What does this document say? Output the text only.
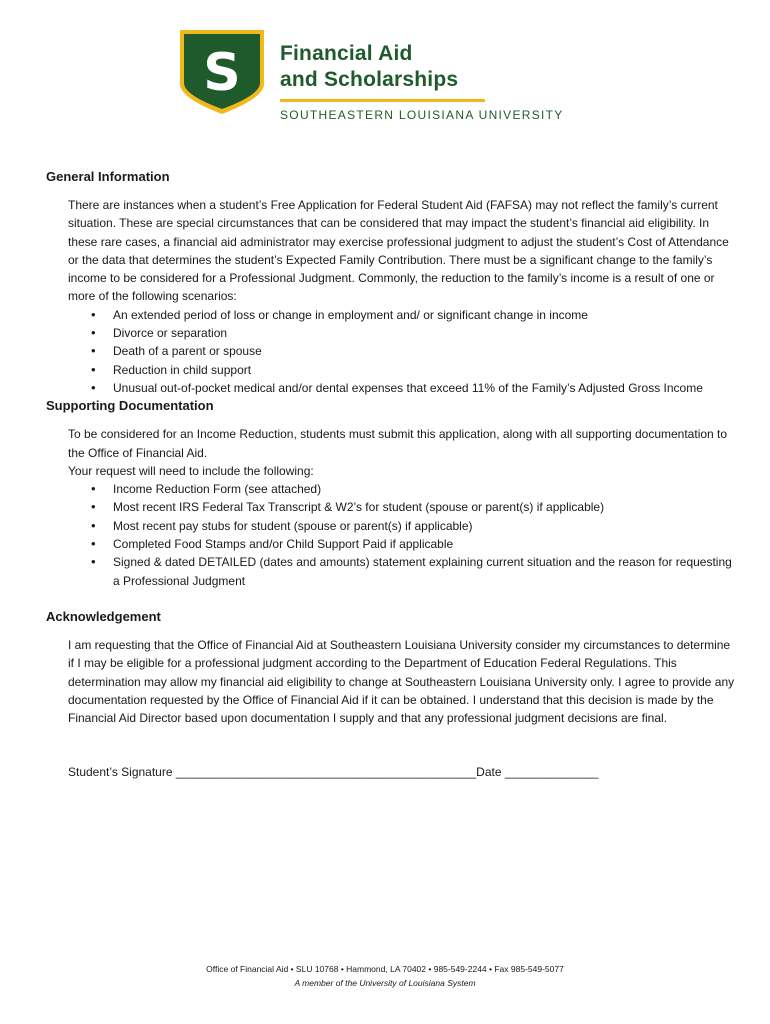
S Financial Aid
and Scholarships
SOUTHEASTERN LOUISIANA UNIVERSITY
General Information

There are instances when a student’s Free Application for Federal Student Aid (FAFSA) may not reflect the family’s current situation. These are special circumstances that can be considered that may impact the student’s financial aid eligibility. In these rare cases, a financial aid administrator may exercise professional judgment to adjust the student’s Cost of Attendance or the data that determines the student’s Expected Family Contribution. There must be a significant change to the family’s income to be considered for a Professional Judgment. Commonly, the reduction to the family’s income is a result of one or more of the following scenarios:

• An extended period of loss or change in employment and/ or significant change in income
• Divorce or separation
• Death of a parent or spouse
• Reduction in child support
• Unusual out-of-pocket medical and/or dental expenses that exceed 11% of the Family’s Adjusted Gross Income
Supporting Documentation

To be considered for an Income Reduction, students must submit this application, along with all supporting documentation to the Office of Financial Aid.

Your request will need to include the following:

• Income Reduction Form (see attached)
• Most recent IRS Federal Tax Transcript & W2’s for student (spouse or parent(s) if applicable)
• Most recent pay stubs for student (spouse or parent(s) if applicable)
• Completed Food Stamps and/or Child Support Paid if applicable
• Signed & dated DETAILED (dates and amounts) statement explaining current situation and the reason for requesting a Professional Judgment
Acknowledgement

I am requesting that the Office of Financial Aid at Southeastern Louisiana University consider my circumstances to determine if I may be eligible for a professional judgment according to the Department of Education Federal Regulations. This determination may allow my financial aid eligibility to change at Southeastern Louisiana University only. I agree to provide any documentation requested by the Office of Financial Aid if it can be obtained. I understand that this decision is made by the Financial Aid Director based upon documentation I supply and that any professional judgment decisions are final.

Student’s Signature _____________________________________________Date ______________
Office of Financial Aid • SLU 10768 • Hammond, LA 70402 • 985-549-2244 • Fax 985-549-5077
A member of the University of Louisiana System
